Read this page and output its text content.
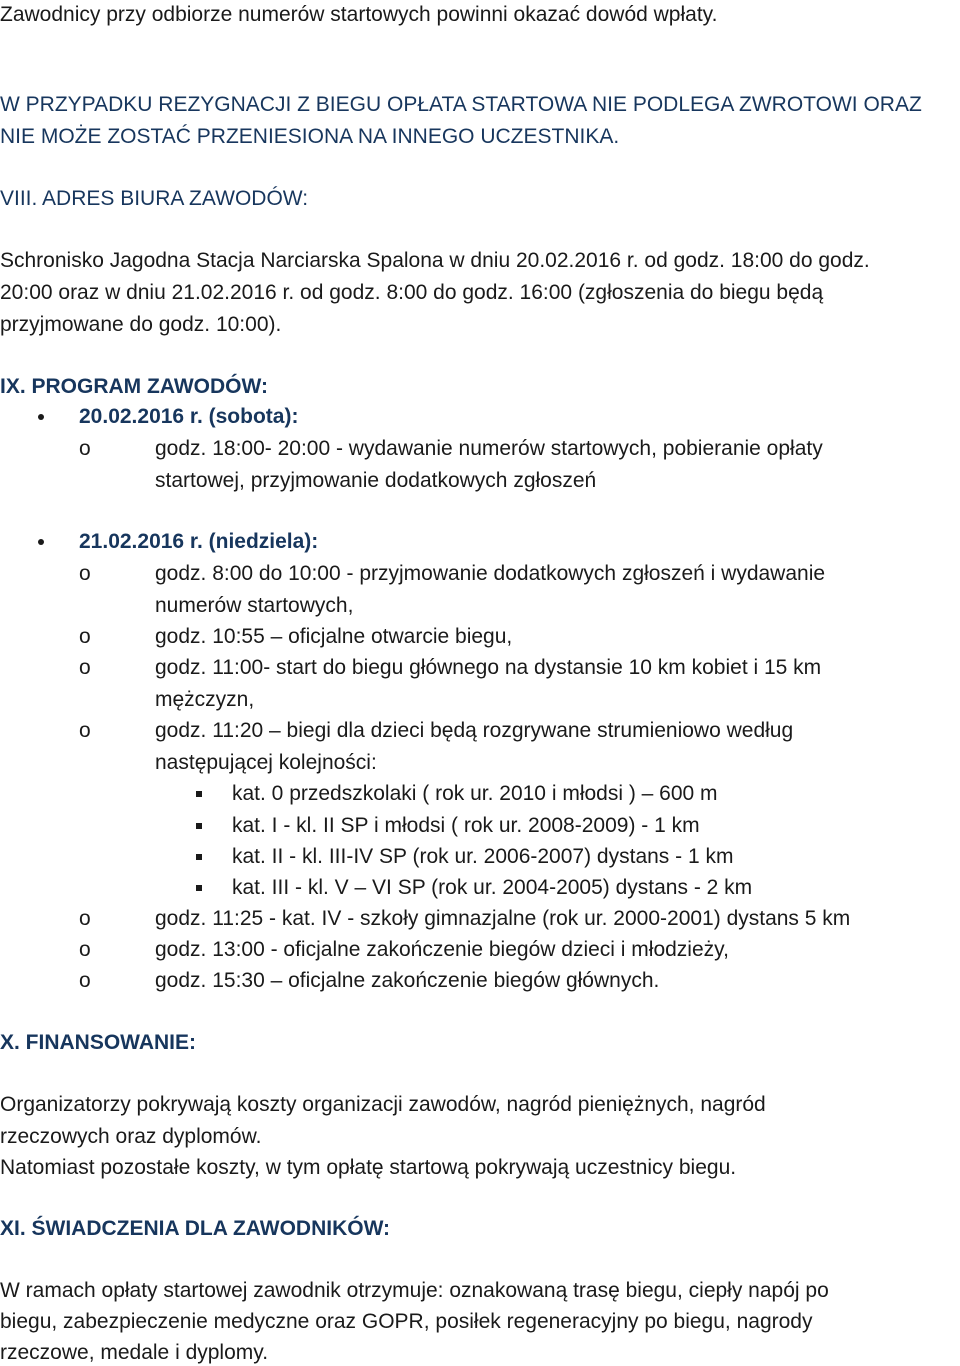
Zawodnicy przy odbiorze numerów startowych powinni okazać dowód wpłaty.
W PRZYPADKU REZYGNACJI Z BIEGU OPŁATA STARTOWA NIE PODLEGA ZWROTOWI ORAZ
NIE MOŻE ZOSTAĆ PRZENIESIONA NA INNEGO UCZESTNIKA.
VIII. ADRES BIURA ZAWODÓW:
Schronisko Jagodna Stacja Narciarska Spalona w dniu 20.02.2016 r. od godz. 18:00 do godz.
20:00 oraz w dniu 21.02.2016 r. od godz. 8:00 do godz. 16:00 (zgłoszenia do biegu będą
przyjmowane do godz. 10:00).
IX. PROGRAM ZAWODÓW:
20.02.2016 r. (sobota):
o	godz. 18:00- 20:00 - wydawanie numerów startowych, pobieranie opłaty
startowej, przyjmowanie dodatkowych zgłoszeń
21.02.2016 r. (niedziela):
o	godz. 8:00 do 10:00 - przyjmowanie dodatkowych zgłoszeń i wydawanie
numerów startowych,
o	godz. 10:55 – oficjalne otwarcie biegu,
o	godz. 11:00- start do biegu głównego na dystansie 10 km kobiet i 15 km
mężczyzn,
o	godz. 11:20 – biegi dla dzieci będą rozgrywane strumieniowo według
następującej kolejności:
kat. 0 przedszkolaki ( rok ur. 2010 i młodsi ) – 600 m
kat. I - kl. II SP i młodsi ( rok ur. 2008-2009) - 1 km
kat. II - kl. III-IV SP (rok ur. 2006-2007) dystans - 1 km
kat. III - kl. V – VI SP (rok ur. 2004-2005) dystans - 2 km
o	godz. 11:25 - kat. IV - szkoły gimnazjalne (rok ur. 2000-2001) dystans 5 km
o	godz. 13:00 - oficjalne zakończenie biegów dzieci i młodzieży,
o	godz. 15:30 – oficjalne zakończenie biegów głównych.
X. FINANSOWANIE:
Organizatorzy pokrywają koszty organizacji zawodów, nagród pieniężnych, nagród
rzeczowych oraz dyplomów.
Natomiast pozostałe koszty, w tym opłatę startową pokrywają uczestnicy biegu.
XI. ŚWIADCZENIA DLA ZAWODNIKÓW:
W ramach opłaty startowej zawodnik otrzymuje: oznakowaną trasę biegu, ciepły napój po
biegu, zabezpieczenie medyczne oraz GOPR, posiłek regeneracyjny po biegu, nagrody
rzeczowe, medale i dyplomy.
